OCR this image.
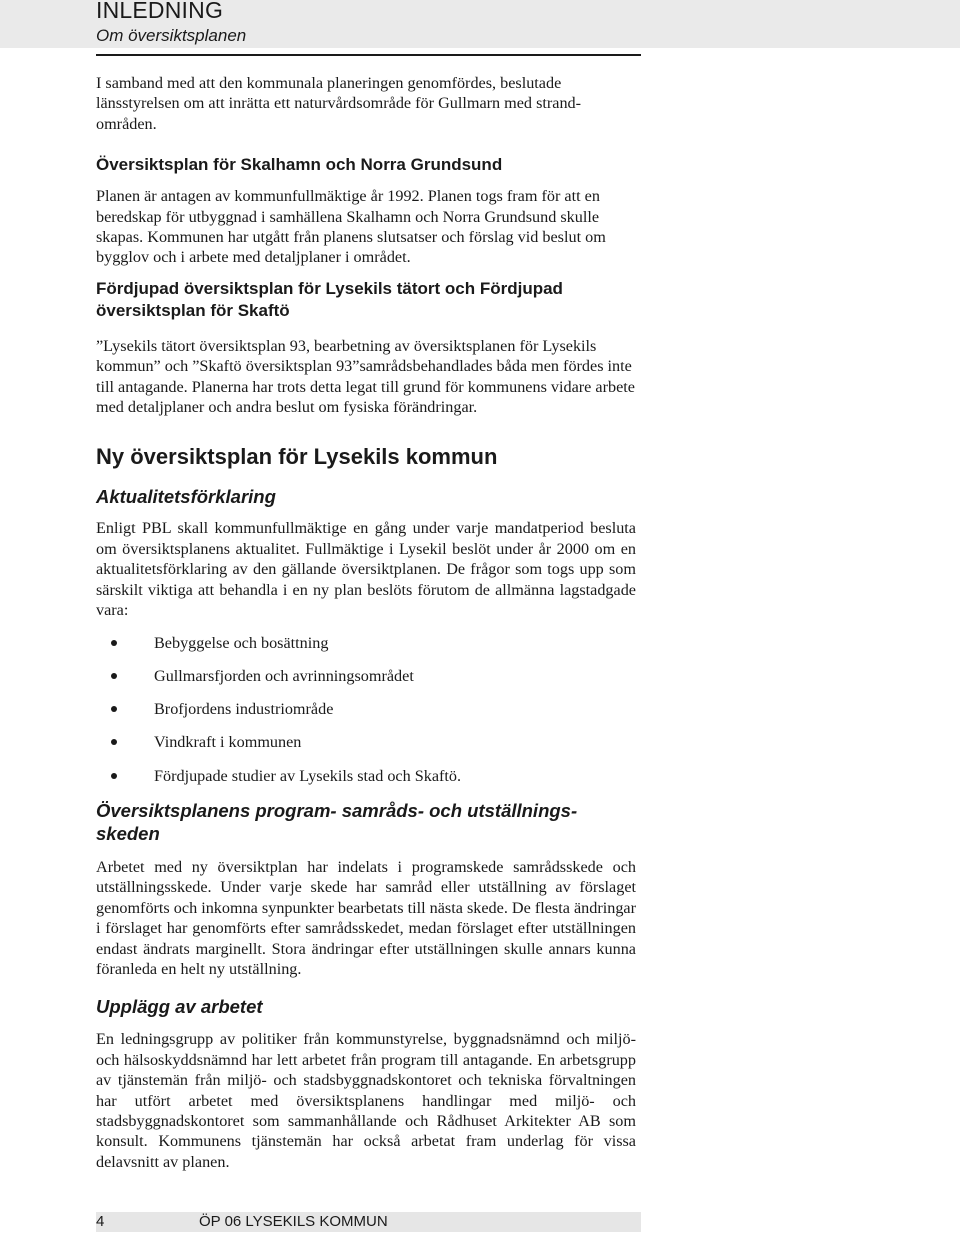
INLEDNING
Om översiktsplanen

I samband med att den kommunala planeringen genomfördes, beslutade länsstyrelsen om att inrätta ett naturvårdsområde för Gullmarn med strandområden.

Översiktsplan för Skalhamn och Norra Grundsund

Planen är antagen av kommunfullmäktige år 1992. Planen togs fram för att en beredskap för utbyggnad i samhällena Skalhamn och Norra Grundsund skulle skapas. Kommunen har utgått från planens slutsatser och förslag vid beslut om bygglov och i arbete med detaljplaner i området.

Fördjupad översiktsplan för Lysekils tätort och Fördjupad översiktsplan för Skaftö

”Lysekils tätort översiktsplan 93, bearbetning av översiktsplanen för Lysekils kommun” och ”Skaftö översiktsplan 93”samrådsbehandlades båda men fördes inte till antagande. Planerna har trots detta legat till grund för kommunens vidare arbete med detaljplaner och andra beslut om fysiska förändringar.

Ny översiktsplan för Lysekils kommun
Aktualitetsförklaring

Enligt PBL skall kommunfullmäktige en gång under varje mandatperiod besluta om översiktsplanens aktualitet. Fullmäktige i Lysekil beslöt under år 2000 om en aktualitetsförklaring av den gällande översiktplanen. De frågor som togs upp som särskilt viktiga att behandla i en ny plan beslöts förutom de allmänna lagstadgade vara:

Bebyggelse och bosättning
Gullmarsfjorden och avrinningsområdet
Brofjordens industriområde
Vindkraft i kommunen
Fördjupade studier av Lysekils stad och Skaftö.
Översiktsplanens program- samråds- och utställningsskeden

Arbetet med ny översiktplan har indelats i programskede samrådsskede och utställningsskede. Under varje skede har samråd eller utställning av förslaget genomförts och inkomna synpunkter bearbetats till nästa skede. De flesta ändringar i förslaget har genomförts efter samrådsskedet, medan förslaget efter utställningen endast ändrats marginellt. Stora ändringar efter utställningen skulle annars kunna föranleda en helt ny utställning.

Upplägg av arbetet

En ledningsgrupp av politiker från kommunstyrelse, byggnadsnämnd och miljö- och hälsoskyddsnämnd har lett arbetet från program till antagande. En arbetsgrupp av tjänstemän från miljö- och stadsbyggnadskontoret och tekniska förvaltningen har utfört arbetet med översiktsplanens handlingar med miljö- och stadsbyggnadskontoret som sammanhållande och Rådhuset Arkitekter AB som konsult. Kommunens tjänstemän har också arbetat fram underlag för vissa delavsnitt av planen.

4	ÖP 06 LYSEKILS KOMMUN
